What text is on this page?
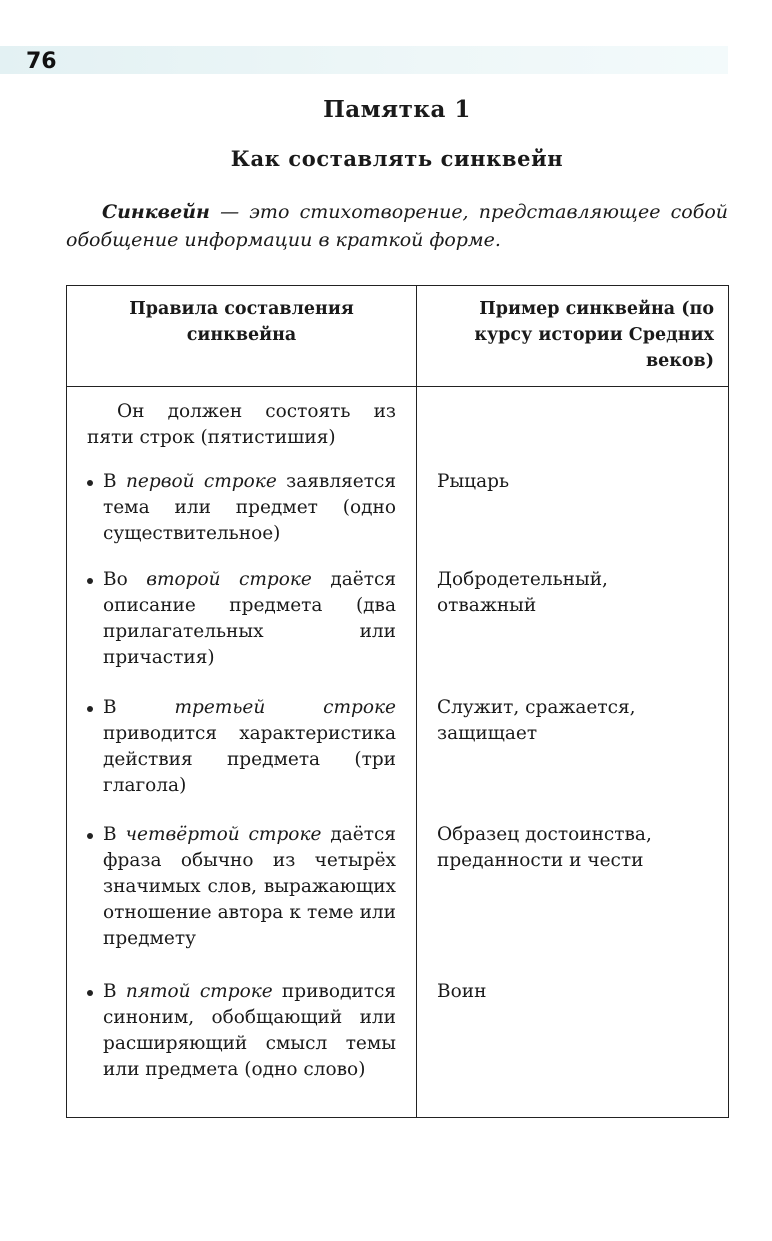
76
Памятка 1
Как составлять синквейн
Синквейн — это стихотворение, представляющее собой обобщение информации в краткой форме.
Правила составления синквейна	Пример синквейна (по курсу истории Средних веков)

Он должен состоять из пяти строк (пятистишия)	

В первой строке заявляется тема или предмет (одно существительное)	Рыцарь

Во второй строке даётся описание предмета (два прилагательных или причастия)	Добродетельный, отважный

В третьей строке приводится характеристика действия предмета (три глагола)	Служит, сражается, защищает

В четвёртой строке даётся фраза обычно из четырёх значимых слов, выражающих отношение автора к теме или предмету	Образец достоинства, преданности и чести

В пятой строке приводится синоним, обобщающий или расширяющий смысл темы или предмета (одно слово)	Воин
